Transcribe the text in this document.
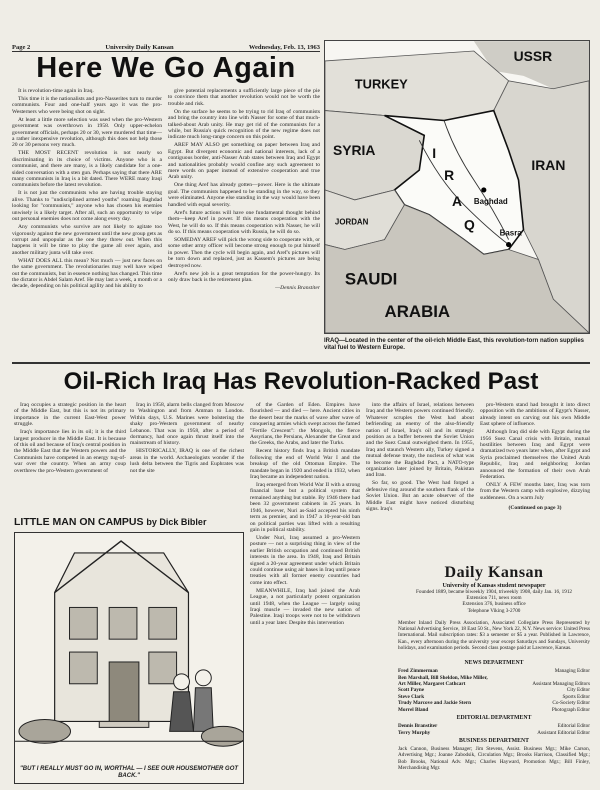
Page 2	University Daily Kansan	Wednesday, Feb. 13, 1963
Here We Go Again

It is revolution-time again in Iraq.

This time it is the nationalists and pro-Nasserites turn to murder communists. Four and one-half years ago it was the pro-Westerners who were being shot on sight.

At least a little more selection was used when the pro-Western government was overthrown in 1958. Only upper-echelon government officials, perhaps 20 or 30, were murdered that time—a rather inexpensive revolution, although this does not help those 20 or 30 persons very much.

THE MOST RECENT revolution is not nearly so discriminating in its choice of victims. Anyone who is a communist, and there are many, is a likely candidate for a one-sided conversation with a sten gun. Perhaps saying that there ARE many communists in Iraq is a bit dated. There WERE many Iraqi communists before the latest revolution.

It is not just the communists who are having trouble staying alive. Thanks to "undisciplined armed youths" roaming Baghdad looking for "communists," anyone who has chosen his enemies unwisely is a likely target. After all, such an opportunity to wipe out personal enemies does not come along every day.

Any communists who survive are not likely to agitate too vigorously against the new government until the new group gets as corrupt and unpopular as the one they threw out. When this happens it will be time to play the game all over again, and another military junta will take over.

WHAT DOES ALL this mean? Not much — just new faces on the same government. The revolutionaries may well have wiped out the communists, but in essence nothing has changed. This time the dictator is Abdel Salam Aref. He may last a week, a month or a decade, depending on his political agility and his ability to

give potential replacements a sufficiently large piece of the pie to convince them that another revolution would not be worth the trouble and risk.

On the surface he seems to be trying to rid Iraq of communists and bring the country into line with Nasser for some of that much-talked-about Arab unity. He may get rid of the communists for a while, but Russia's quick recognition of the new regime does not indicate much long-range concern on this point.

AREF MAY ALSO get something on paper between Iraq and Egypt. But divergent economic and national interests, lack of a contiguous border, anti-Nasser Arab states between Iraq and Egypt and nationalities probably would confine any such agreement to mere words on paper instead of extensive cooperation and true Arab unity.

One thing Aref has already gotten—power. Here is the ultimate goal. The communists happened to be standing in the way, so they were eliminated. Anyone else standing in the way would have been handled with equal severity.

Aref's future actions will have one fundamental thought behind them—keep Aref in power. If this means cooperation with the West, he will do so. If this means cooperation with Nasser, he will do so. If this means cooperation with Russia, he will do so.

SOMEDAY AREF will pick the wrong side to cooperate with, or some other army officer will become strong enough to put himself in power. Then the cycle will begin again, and Aref's pictures will be torn down and replaced, just as Kassem's pictures are being destroyed now.

Aref's new job is a great temptation for the power-hungry. Its only draw back is the retirement plan.

—Dennis Branstiter

USSR
TURKEY
SYRIA
IRAN
Baghdad
JORDAN
Basra
SAUDI
ARABIA
I
R
A
Q
IRAQ—Located in the center of the oil-rich Middle East, this revolution-torn nation supplies vital fuel to Western Europe.
Oil-Rich Iraq Has Revolution-Racked Past

Iraq occupies a strategic position in the heart of the Middle East, but this is not its primary importance in the current East-West power struggle.

Iraq's importance lies in its oil; it is the third largest producer in the Middle East. It is because of this oil and because of Iraq's central position in the Middle East that the Western powers and the Communists have competed in an energy tug-of-war over the country. When an army coup overthrew the pro-Western government of

Iraq in 1958, alarm bells clanged from Moscow to Washington and from Amman to London. Within days, U.S. Marines were bolstering the shaky pro-Western government of nearby Lebanon. That was in 1958, after a period of dormancy, had once again thrust itself into the mainstream of history.

HISTORICALLY, IRAQ is one of the richest areas in the world. Archaeologists wonder if the lush delta between the Tigris and Euphrates was not the site

of the Garden of Eden. Empires have flourished — and died — here. Ancient cities in the desert bear the marks of wave after wave of conquering armies which swept across the famed "Fertile Crescent": the Mongols, the fierce Assyrians, the Persians, Alexander the Great and the Greeks, the Arabs, and later the Turks.

Recent history finds Iraq a British mandate following the end of World War I and the breakup of the old Ottoman Empire. The mandate began in 1920 and ended in 1932, when Iraq became an independent nation.

Iraq emerged from World War II with a strong financial base but a political system that remained anything but stable. By 1946 there had been 32 government cabinets in 25 years. In 1946, however, Nuri as-Said accepted his ninth term as premier, and in 1947 a 10-year-old ban on political parties was lifted with a resulting gain in political stability.

Under Nuri, Iraq assumed a pro-Western posture — not a surprising thing in view of the earlier British occupation and continued British interests in the area. In 1948, Iraq and Britain signed a 20-year agreement under which Britain could continue using air bases in Iraq until peace treaties with all former enemy countries had come into effect.

MEANWHILE, Iraq had joined the Arab League, a not particularly potent organization until 1948, when the League — largely using Iraqi muscle — invaded the new nation of Palestine. Iraqi troops were not to be withdrawn until a year later. Despite this intervention

into the affairs of Israel, relations between Iraq and the Western powers continued friendly. Whatever scruples the West had about befriending an enemy of the also-friendly nation of Israel, Iraq's oil and its strategic position as a buffer between the Soviet Union and the Suez Canal outweighed them. In 1955, Iraq and staunch Western ally, Turkey signed a mutual defense treaty, the nucleus of what was to become the Baghdad Pact, a NATO-type organization later joined by Britain, Pakistan and Iran.

So far, so good. The West had forged a defensive ring around the southern flank of the Soviet Union. But an acute observer of the Middle East might have noticed disturbing signs. Iraq's

pro-Western stand had brought it into direct opposition with the ambitions of Egypt's Nasser, already intent on carving out his own Middle East sphere of influence.

Although Iraq did side with Egypt during the 1956 Suez Canal crisis with Britain, mutual hostilities between Iraq and Egypt were dramatized two years later when, after Egypt and Syria proclaimed themselves the United Arab Republic, Iraq and neighboring Jordan announced the formation of their own Arab Federation.

ONLY A FEW months later, Iraq was torn from the Western camp with explosive, dizzying suddenness. On a warm July

(Continued on page 3)

LITTLE MAN ON CAMPUS by Dick Bibler
"BUT I REALLY MUST GO IN, WORTHAL — I SEE OUR HOUSEMOTHER GOT BACK."
Daily Kansan
University of Kansas student newspaper
Founded 1889, became biweekly 1904, triweekly 1908, daily Jan. 16, 1912
Extension 711, news room
Extension 376, business office
Telephone Viking 3-2700
Member Inland Daily Press Association, Associated Collegiate Press Represented by National Advertising Service, 18 East 50 St., New York 22, N.Y. News service: United Press International. Mail subscription rates: $3 a semester or $5 a year. Published in Lawrence, Kan., every afternoon during the university year except Saturdays and Sundays, University holidays, and examination periods. Second class postage paid at Lawrence, Kansas.
NEWS DEPARTMENT
Fred Zimmerman	Managing Editor
Ben Marshall, Bill Sheldon, Mike Miller,
Art Miller, Margaret Cathcart	Assistant Managing Editors
Scott Payne	City Editor
Steve Clark	Sports Editor
Trudy Marcove and Jackie Stern	Co-Society Editor
Morrel Bland	Photograph Editor
EDITORIAL DEPARTMENT
Dennis Branstiter	Editorial Editor
Terry Murphy	Assistant Editorial Editor
BUSINESS DEPARTMENT
Jack Cannon, Business Manager; Jim Stevens, Assist. Business Mgr.; Mike Carson, Advertising Mgr.; Joanne Zabodsik, Circulation Mgr.; Brooks Harrison, Classified Mgr.; Bob Brooks, National Adv. Mgr.; Charles Hayward, Promotion Mgr.; Bill Finley, Merchandising Mgr.
